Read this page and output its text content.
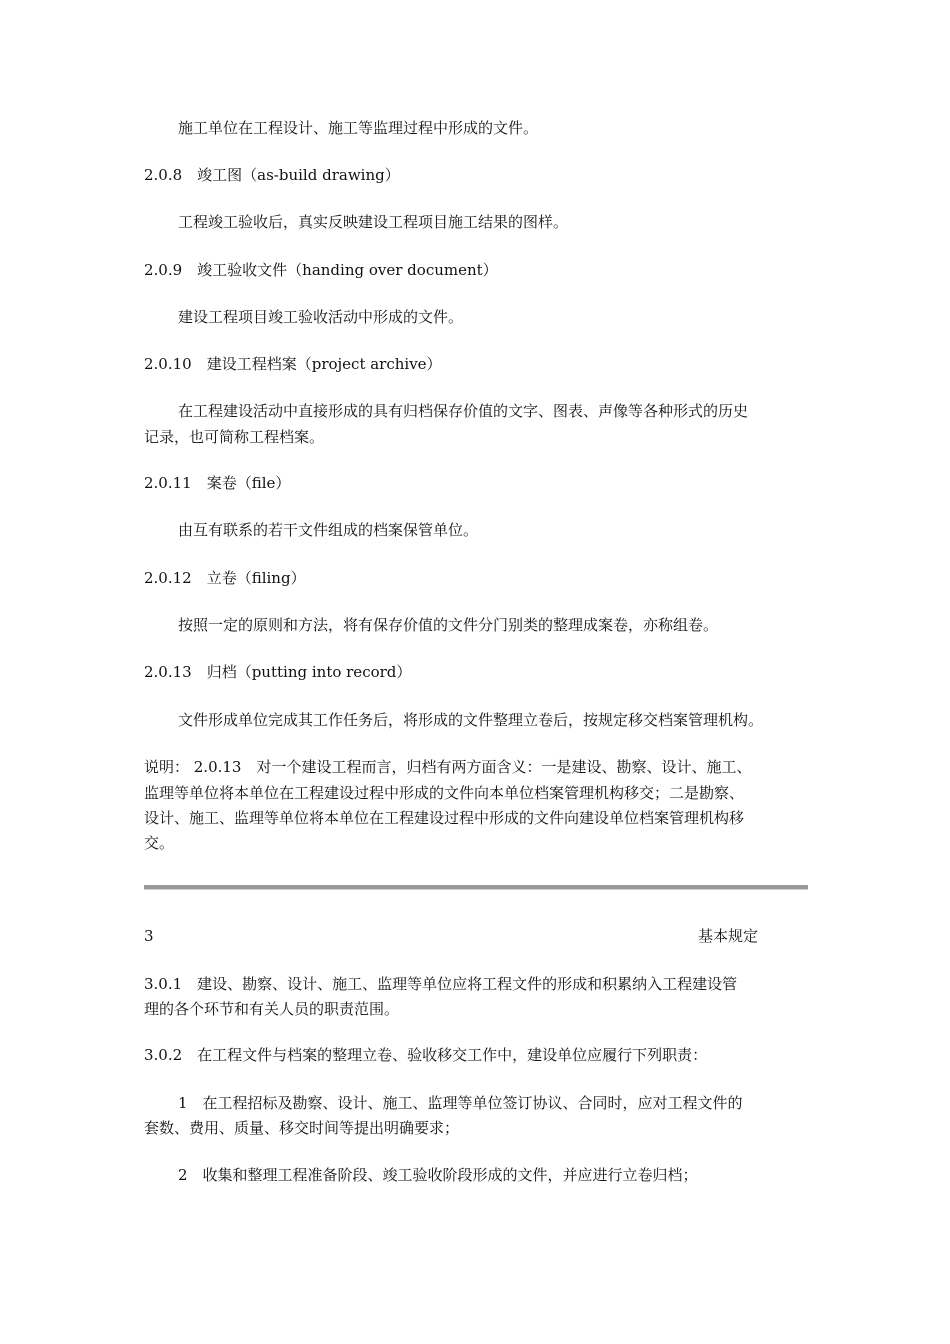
施工单位在工程设计、施工等监理过程中形成的文件。
2.0.8　竣工图（as-build drawing）
工程竣工验收后，真实反映建设工程项目施工结果的图样。
2.0.9　竣工验收文件（handing over document）
建设工程项目竣工验收活动中形成的文件。
2.0.10　建设工程档案（project archive）
在工程建设活动中直接形成的具有归档保存价值的文字、图表、声像等各种形式的历史
记录，也可简称工程档案。
2.0.11　案卷（file）
由互有联系的若干文件组成的档案保管单位。
2.0.12　立卷（filing）
按照一定的原则和方法，将有保存价值的文件分门别类的整理成案卷，亦称组卷。
2.0.13　归档（putting into record）
文件形成单位完成其工作任务后，将形成的文件整理立卷后，按规定移交档案管理机构。
说明： 2.0.13　对一个建设工程而言，归档有两方面含义：一是建设、勘察、设计、施工、
监理等单位将本单位在工程建设过程中形成的文件向本单位档案管理机构移交；二是勘察、
设计、施工、监理等单位将本单位在工程建设过程中形成的文件向建设单位档案管理机构移
交。
3	基本规定
3.0.1　建设、勘察、设计、施工、监理等单位应将工程文件的形成和积累纳入工程建设管
理的各个环节和有关人员的职责范围。
3.0.2　在工程文件与档案的整理立卷、验收移交工作中，建设单位应履行下列职责：
1　在工程招标及勘察、设计、施工、监理等单位签订协议、合同时，应对工程文件的
套数、费用、质量、移交时间等提出明确要求；
2　收集和整理工程准备阶段、竣工验收阶段形成的文件，并应进行立卷归档；
